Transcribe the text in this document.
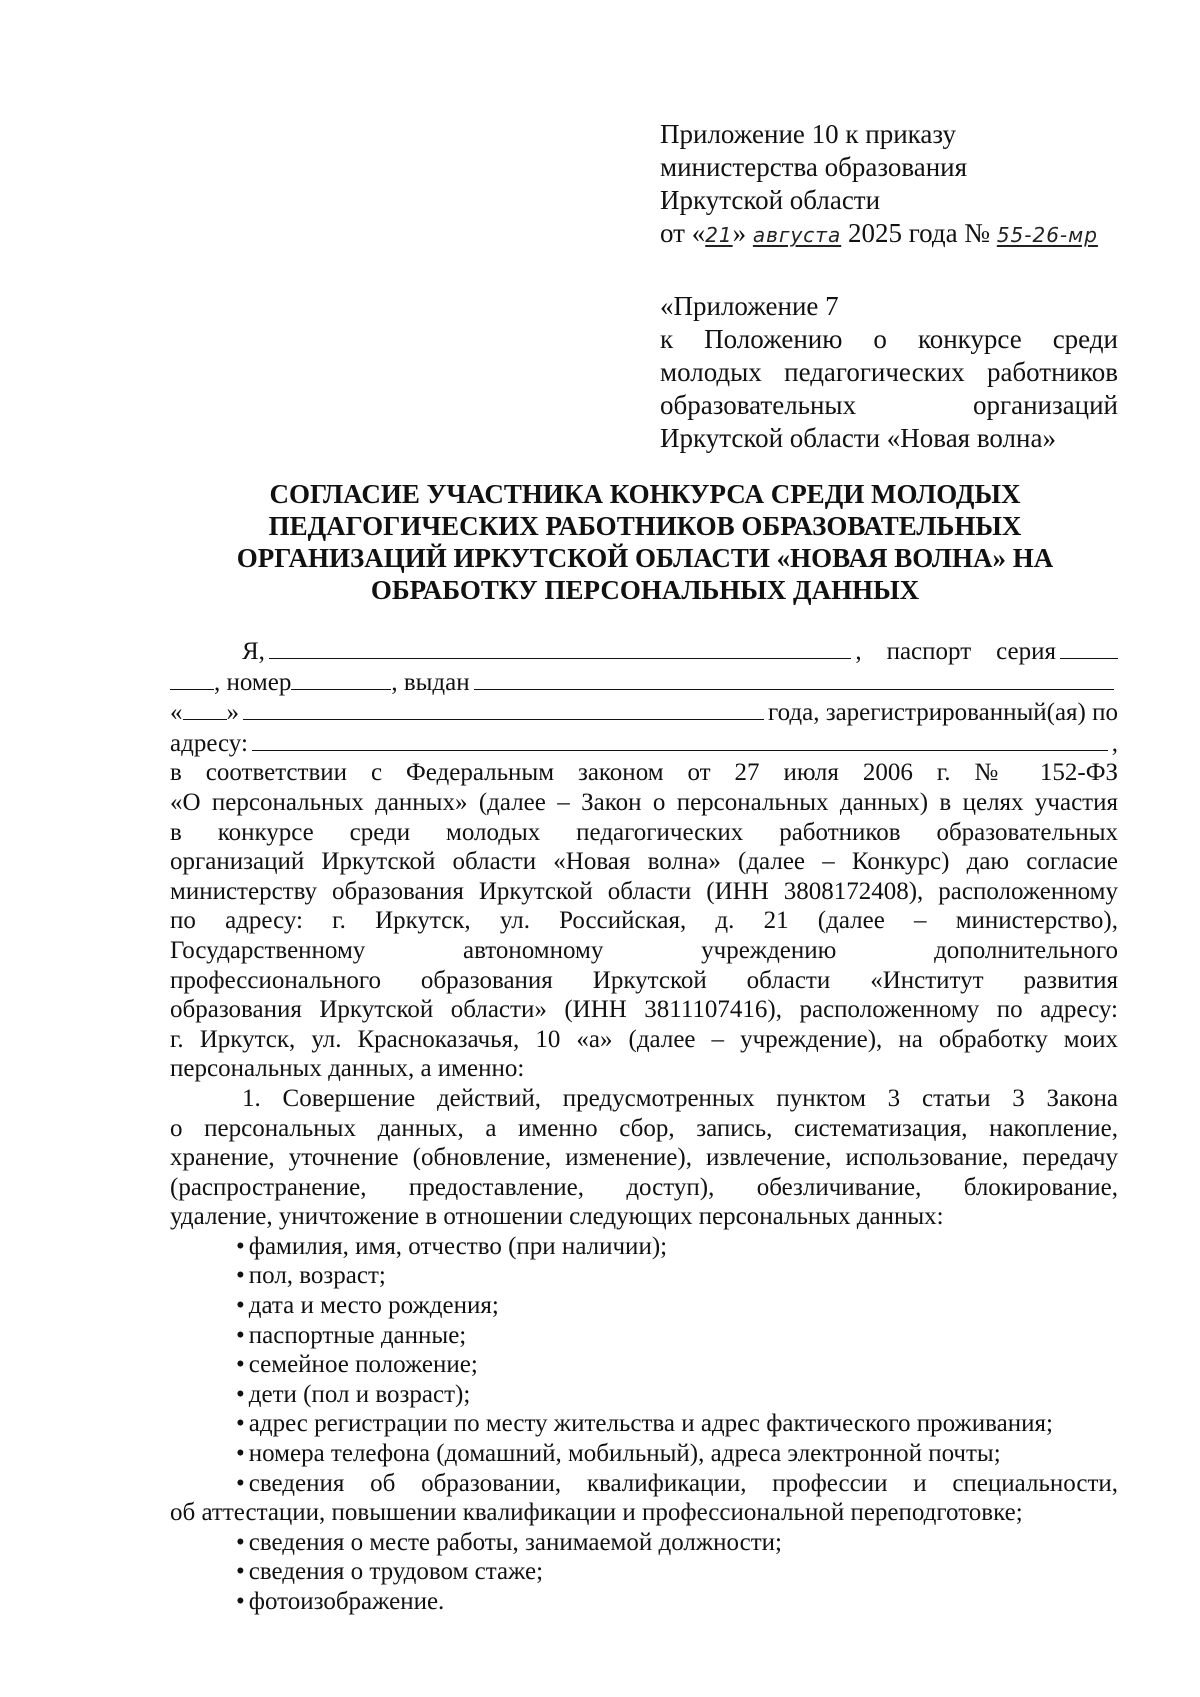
Приложение 10 к приказу
министерства образования
Иркутской области
от «21» августа 2025 года № 55-26-мр
«Приложение 7
к Положению о конкурсе среди
молодых педагогических работников
образовательных организаций
Иркутской области «Новая волна»
СОГЛАСИЕ УЧАСТНИКА КОНКУРСА СРЕДИ МОЛОДЫХ
ПЕДАГОГИЧЕСКИХ РАБОТНИКОВ ОБРАЗОВАТЕЛЬНЫХ
ОРГАНИЗАЦИЙ ИРКУТСКОЙ ОБЛАСТИ «НОВАЯ ВОЛНА» НА
ОБРАБОТКУ ПЕРСОНАЛЬНЫХ ДАННЫХ
Я,	,    паспорт    серия
, номер	, выдан
« »	года, зарегистрированный(ая) по
адресу:	,
в соответствии с Федеральным законом от 27 июля 2006 г. № 152-ФЗ
«О персональных данных» (далее – Закон о персональных данных) в целях участия
в конкурсе среди молодых педагогических работников образовательных
организаций Иркутской области «Новая волна» (далее – Конкурс) даю согласие
министерству образования Иркутской области (ИНН 3808172408), расположенному
по адресу: г. Иркутск, ул. Российская, д. 21 (далее – министерство),
Государственному автономному учреждению дополнительного
профессионального образования Иркутской области «Институт развития
образования Иркутской области» (ИНН 3811107416), расположенному по адресу:
г. Иркутск, ул. Красноказачья, 10 «а» (далее – учреждение), на обработку моих
персональных данных, а именно:
1. Совершение действий, предусмотренных пунктом 3 статьи 3 Закона
о персональных данных, а именно сбор, запись, систематизация, накопление,
хранение, уточнение (обновление, изменение), извлечение, использование, передачу
(распространение, предоставление, доступ), обезличивание, блокирование,
удаление, уничтожение в отношении следующих персональных данных:
• фамилия, имя, отчество (при наличии);
• пол, возраст;
• дата и место рождения;
• паспортные данные;
• семейное положение;
• дети (пол и возраст);
• адрес регистрации по месту жительства и адрес фактического проживания;
• номера телефона (домашний, мобильный), адреса электронной почты;
• сведения об образовании, квалификации, профессии и специальности,
об аттестации, повышении квалификации и профессиональной переподготовке;
• сведения о месте работы, занимаемой должности;
• сведения о трудовом стаже;
• фотоизображение.
